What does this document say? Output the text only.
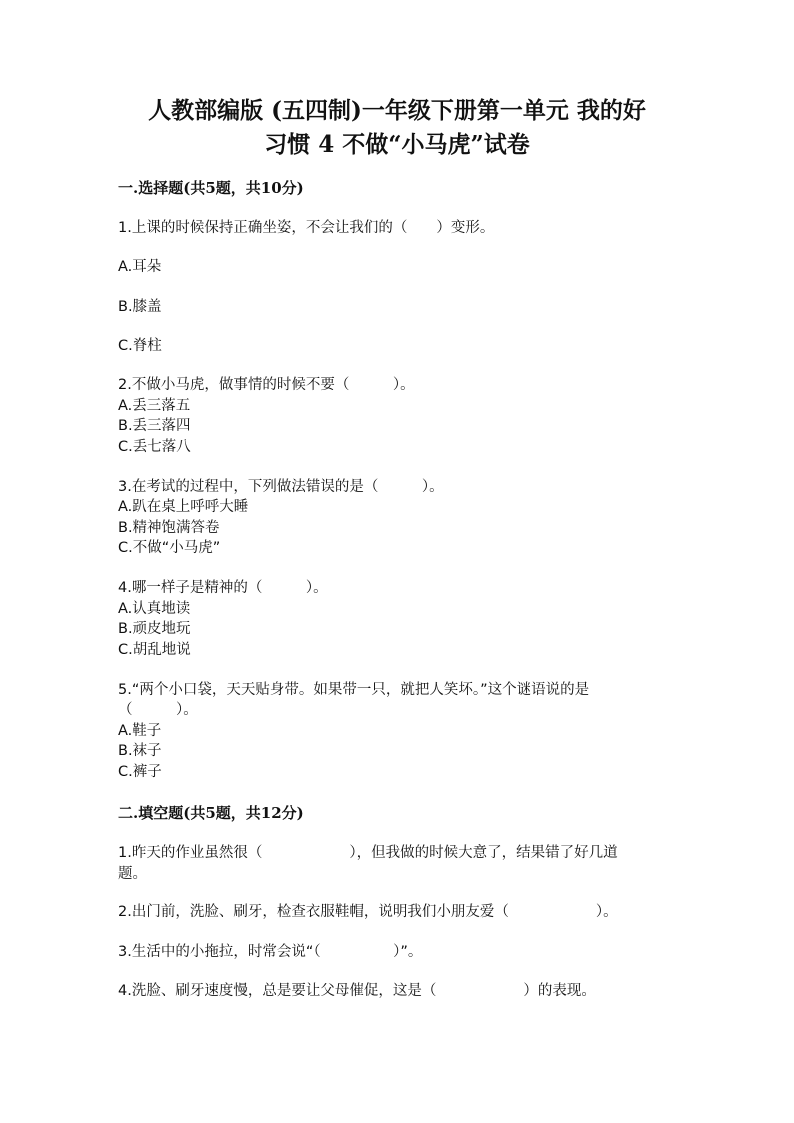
人教部编版 (五四制)一年级下册第一单元 我的好
习惯 4 不做“小马虎”试卷
一.选择题(共5题，共10分)
1.上课的时候保持正确坐姿，不会让我们的（　　）变形。
A.耳朵
B.膝盖
C.脊柱
2.不做小马虎，做事情的时候不要（　　　）。
A.丢三落五
B.丢三落四
C.丢七落八
3.在考试的过程中，下列做法错误的是（　　　）。
A.趴在桌上呼呼大睡
B.精神饱满答卷
C.不做“小马虎”
4.哪一样子是精神的（　　　）。
A.认真地读
B.顽皮地玩
C.胡乱地说
5.“两个小口袋，天天贴身带。如果带一只，就把人笑坏。”这个谜语说的是
（　　　）。
A.鞋子
B.袜子
C.裤子
二.填空题(共5题，共12分)
1.昨天的作业虽然很（　　　　　　），但我做的时候大意了，结果错了好几道
题。
2.出门前，洗脸、刷牙，检查衣服鞋帽，说明我们小朋友爱（　　　　　　）。
3.生活中的小拖拉，时常会说“（　　　　　）”。
4.洗脸、刷牙速度慢，总是要让父母催促，这是（　　　　　　）的表现。
